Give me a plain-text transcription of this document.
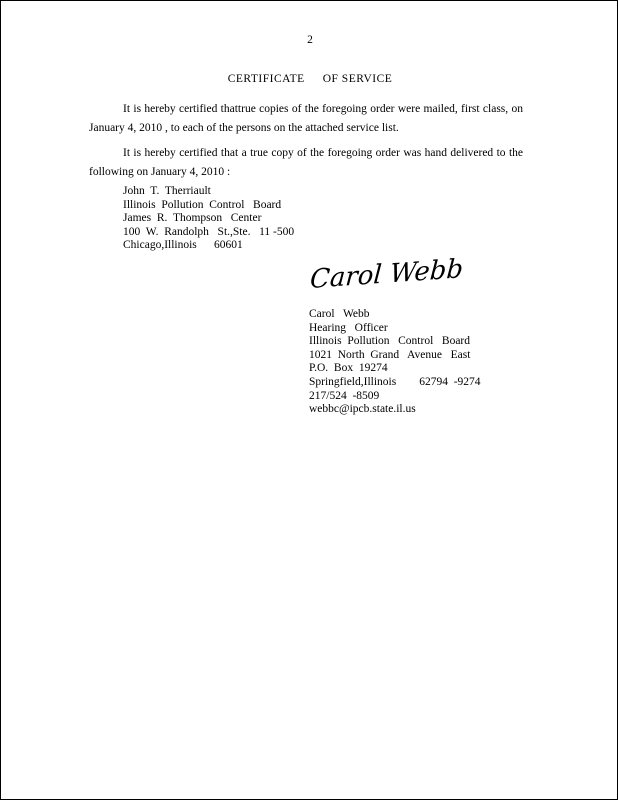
2
CERTIFICATE OF SERVICE
It is hereby certified thattrue copies of the foregoing order were mailed, first class, on January 4, 2010 , to each of the persons on the attached service list.
It is hereby certified that a true copy of the foregoing order was hand delivered to the following on January 4, 2010 :
John  T.  Therriault
Illinois  Pollution  Control   Board
James  R.  Thompson   Center
100  W.  Randolph   St.,Ste.   11 -500
Chicago,Illinois      60601
Carol Webb
Carol   Webb
Hearing   Officer
Illinois  Pollution   Control   Board
1021  North  Grand   Avenue   East
P.O.  Box  19274
Springfield,Illinois        62794  -9274
217/524  -8509
webbc@ipcb.state.il.us
